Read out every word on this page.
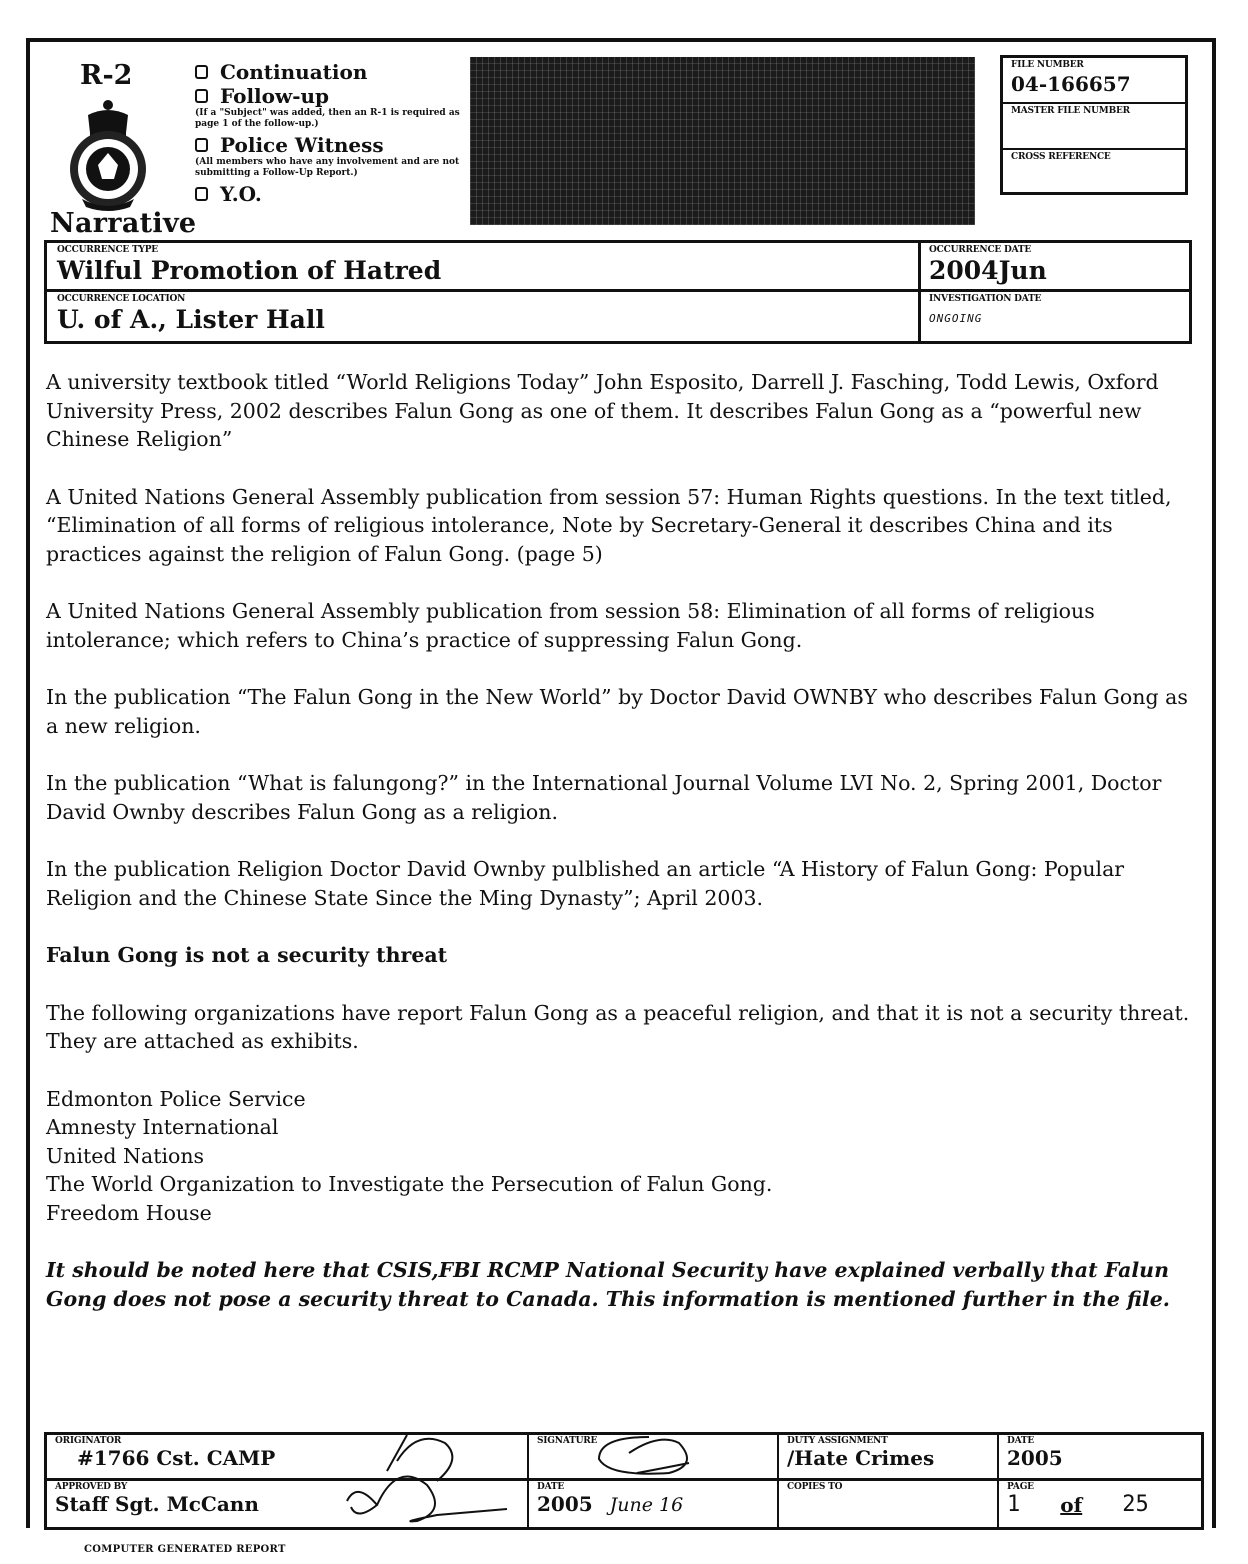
R-2
Narrative
Continuation
Follow-up
(If a "Subject" was added, then an R-1 is required as page 1 of the follow-up.)
Police Witness
(All members who have any involvement and are not submitting a Follow-Up Report.)
Y.O.
FILE NUMBER
04-166657
MASTER FILE NUMBER
CROSS REFERENCE
OCCURRENCE TYPE
Wilful Promotion of Hatred
OCCURRENCE DATE
2004Jun
OCCURRENCE LOCATION
U. of A., Lister Hall
INVESTIGATION DATE
ONGOING

A university textbook titled “World Religions Today” John Esposito, Darrell J. Fasching, Todd Lewis, Oxford University Press, 2002 describes Falun Gong as one of them. It describes Falun Gong as a “powerful new Chinese Religion”

A United Nations General Assembly publication from session 57: Human Rights questions. In the text titled, “Elimination of all forms of religious intolerance, Note by Secretary-General it describes China and its practices against the religion of Falun Gong. (page 5)

A United Nations General Assembly publication from session 58: Elimination of all forms of religious intolerance; which refers to China’s practice of suppressing Falun Gong.

In the publication “The Falun Gong in the New World” by Doctor David OWNBY who describes Falun Gong as a new religion.

In the publication “What is falungong?” in the International Journal Volume LVI No. 2, Spring 2001, Doctor David Ownby describes Falun Gong as a religion.

In the publication Religion Doctor David Ownby pulblished an article “A History of Falun Gong: Popular Religion and the Chinese State Since the Ming Dynasty”; April 2003.

Falun Gong is not a security threat

The following organizations have report Falun Gong as a peaceful religion, and that it is not a security threat. They are attached as exhibits.

Edmonton Police Service
Amnesty International
United Nations
The World Organization to Investigate the Persecution of Falun Gong.
Freedom House

It should be noted here that CSIS,FBI RCMP National Security have explained verbally that Falun Gong does not pose a security threat to Canada. This information is mentioned further in the file.

ORIGINATOR
#1766 Cst. CAMP
SIGNATURE	DUTY ASSIGNMENT
/Hate Crimes
DATE
2005
APPROVED BY
Staff Sgt. McCann
DATE
2005 June 16
COPIES TO	PAGE
1 of 25
COMPUTER GENERATED REPORT
